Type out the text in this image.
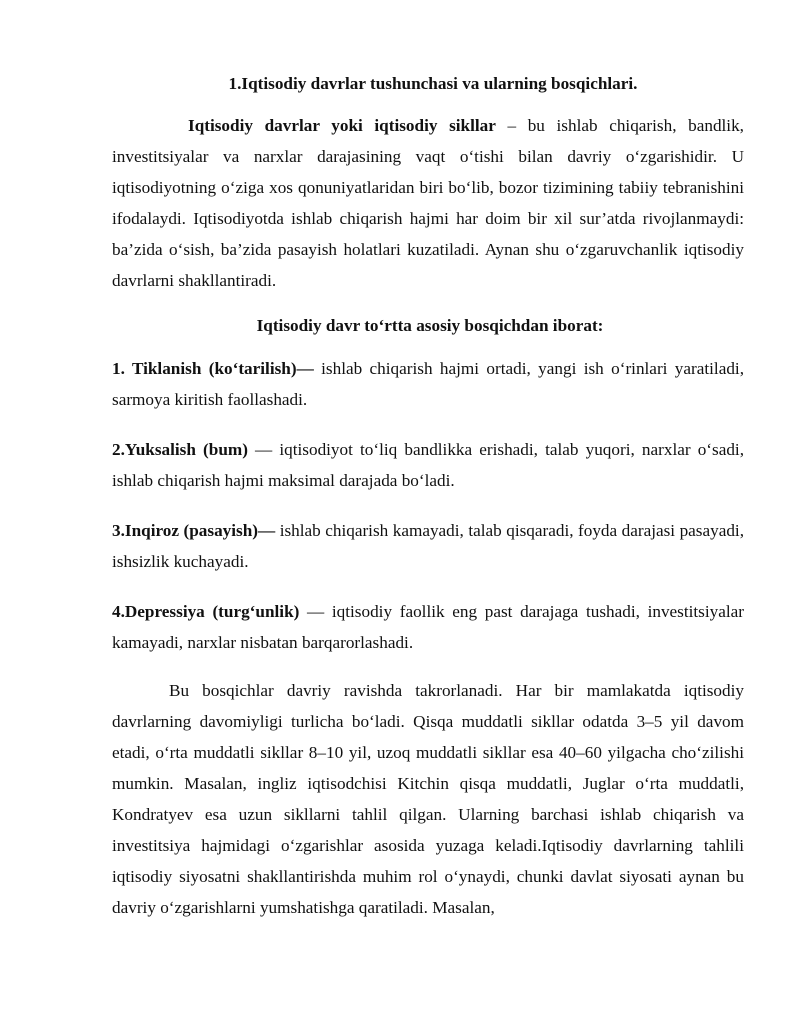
1.Iqtisodiy davrlar tushunchasi va ularning bosqichlari.

Iqtisodiy davrlar yoki iqtisodiy sikllar – bu ishlab chiqarish, bandlik, investitsiyalar va narxlar darajasining vaqt o‘tishi bilan davriy o‘zgarishidir. U iqtisodiyotning o‘ziga xos qonuniyatlaridan biri bo‘lib, bozor tizimining tabiiy tebranishini ifodalaydi. Iqtisodiyotda ishlab chiqarish hajmi har doim bir xil sur’atda rivojlanmaydi: ba’zida o‘sish, ba’zida pasayish holatlari kuzatiladi. Aynan shu o‘zgaruvchanlik iqtisodiy davrlarni shakllantiradi.

Iqtisodiy davr to‘rtta asosiy bosqichdan iborat:

1. Tiklanish (ko‘tarilish)— ishlab chiqarish hajmi ortadi, yangi ish o‘rinlari yaratiladi, sarmoya kiritish faollashadi.

2.Yuksalish (bum) — iqtisodiyot to‘liq bandlikka erishadi, talab yuqori, narxlar o‘sadi, ishlab chiqarish hajmi maksimal darajada bo‘ladi.

3.Inqiroz (pasayish)— ishlab chiqarish kamayadi, talab qisqaradi, foyda darajasi pasayadi, ishsizlik kuchayadi.

4.Depressiya (turg‘unlik) — iqtisodiy faollik eng past darajaga tushadi, investitsiyalar kamayadi, narxlar nisbatan barqarorlashadi.

Bu bosqichlar davriy ravishda takrorlanadi. Har bir mamlakatda iqtisodiy davrlarning davomiyligi turlicha bo‘ladi. Qisqa muddatli sikllar odatda 3–5 yil davom etadi, o‘rta muddatli sikllar 8–10 yil, uzoq muddatli sikllar esa 40–60 yilgacha cho‘zilishi mumkin. Masalan, ingliz iqtisodchisi Kitchin qisqa muddatli, Juglar o‘rta muddatli, Kondratyev esa uzun sikllarni tahlil qilgan. Ularning barchasi ishlab chiqarish va investitsiya hajmidagi o‘zgarishlar asosida yuzaga keladi.Iqtisodiy davrlarning tahlili iqtisodiy siyosatni shakllantirishda muhim rol o‘ynaydi, chunki davlat siyosati aynan bu davriy o‘zgarishlarni yumshatishga qaratiladi. Masalan,
